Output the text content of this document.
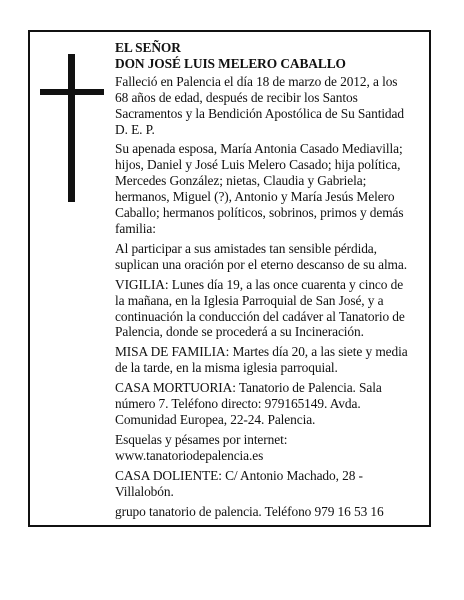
EL SEÑOR
DON JOSÉ LUIS MELERO CABALLO
Falleció en Palencia el día 18 de marzo de 2012, a los
68 años de edad, después de recibir los Santos
Sacramentos y la Bendición Apostólica de Su Santidad
D. E. P.
Su apenada esposa, María Antonia Casado Mediavilla;
hijos, Daniel y José Luis Melero Casado; hija política,
Mercedes González; nietas, Claudia y Gabriela;
hermanos, Miguel (?), Antonio y María Jesús Melero
Caballo; hermanos políticos, sobrinos, primos y demás
familia:
Al participar a sus amistades tan sensible pérdida,
suplican una oración por el eterno descanso de su alma.
VIGILIA: Lunes día 19, a las once cuarenta y cinco de
la mañana, en la Iglesia Parroquial de San José, y a
continuación la conducción del cadáver al Tanatorio de
Palencia, donde se procederá a su Incineración.
MISA DE FAMILIA: Martes día 20, a las siete y media
de la tarde, en la misma iglesia parroquial.
CASA MORTUORIA: Tanatorio de Palencia. Sala
número 7. Teléfono directo: 979165149. Avda.
Comunidad Europea, 22-24. Palencia.
Esquelas y pésames por internet:
www.tanatoriodepalencia.es
CASA DOLIENTE: C/ Antonio Machado, 28 -
Villalobón.
grupo tanatorio de palencia. Teléfono 979 16 53 16
